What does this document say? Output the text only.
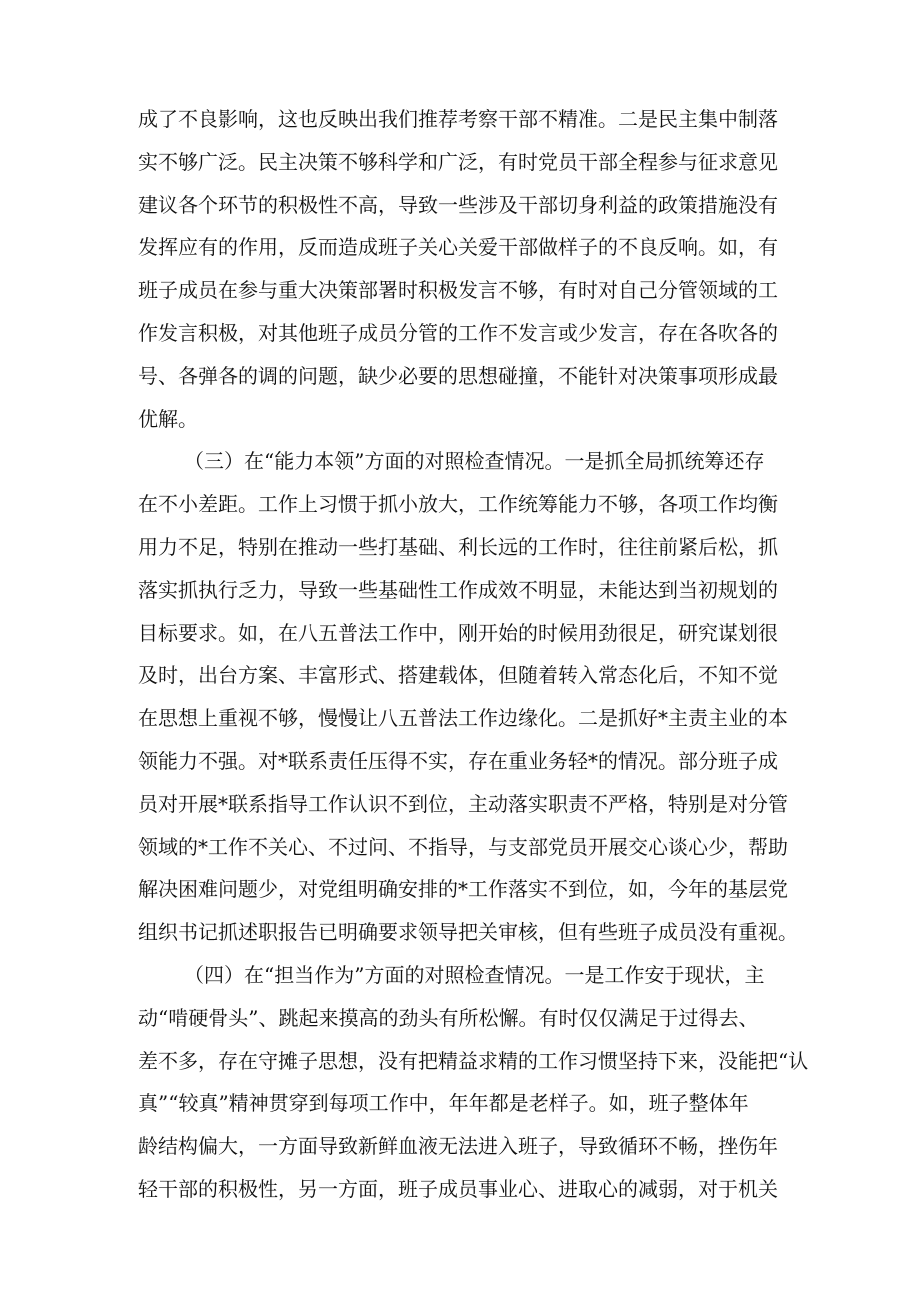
成了不良影响，这也反映出我们推荐考察干部不精准。二是民主集中制落
实不够广泛。民主决策不够科学和广泛，有时党员干部全程参与征求意见
建议各个环节的积极性不高，导致一些涉及干部切身利益的政策措施没有
发挥应有的作用，反而造成班子关心关爱干部做样子的不良反响。如，有
班子成员在参与重大决策部署时积极发言不够，有时对自己分管领域的工
作发言积极，对其他班子成员分管的工作不发言或少发言，存在各吹各的
号、各弹各的调的问题，缺少必要的思想碰撞，不能针对决策事项形成最
优解。
（三）在“能力本领”方面的对照检查情况。一是抓全局抓统筹还存
在不小差距。工作上习惯于抓小放大，工作统筹能力不够，各项工作均衡
用力不足，特别在推动一些打基础、利长远的工作时，往往前紧后松，抓
落实抓执行乏力，导致一些基础性工作成效不明显，未能达到当初规划的
目标要求。如，在八五普法工作中，刚开始的时候用劲很足，研究谋划很
及时，出台方案、丰富形式、搭建载体，但随着转入常态化后，不知不觉
在思想上重视不够，慢慢让八五普法工作边缘化。二是抓好*主责主业的本
领能力不强。对*联系责任压得不实，存在重业务轻*的情况。部分班子成
员对开展*联系指导工作认识不到位，主动落实职责不严格，特别是对分管
领域的*工作不关心、不过问、不指导，与支部党员开展交心谈心少，帮助
解决困难问题少，对党组明确安排的*工作落实不到位，如，今年的基层党
组织书记抓述职报告已明确要求领导把关审核，但有些班子成员没有重视。
（四）在“担当作为”方面的对照检查情况。一是工作安于现状，主
动“啃硬骨头”、跳起来摸高的劲头有所松懈。有时仅仅满足于过得去、
差不多，存在守摊子思想，没有把精益求精的工作习惯坚持下来，没能把“认
真”“较真”精神贯穿到每项工作中，年年都是老样子。如，班子整体年
龄结构偏大，一方面导致新鲜血液无法进入班子，导致循环不畅，挫伤年
轻干部的积极性，另一方面，班子成员事业心、进取心的减弱，对于机关
